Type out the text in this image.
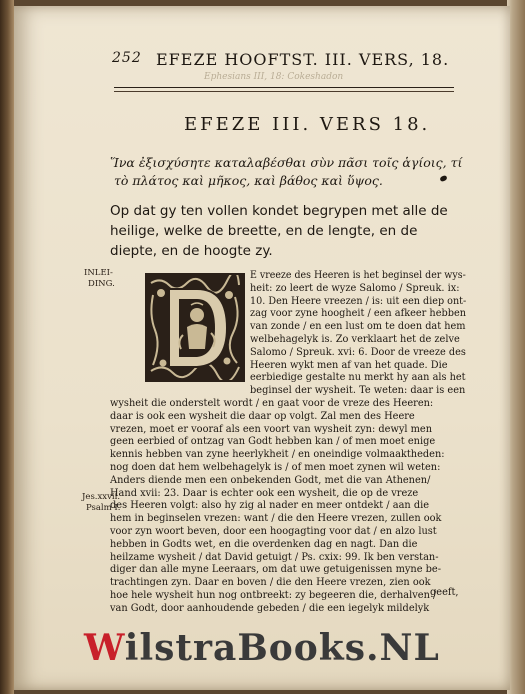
252 EFEZE HOOFTST. III. VERS, 18.
Ephesians III, 18: Cokeshadon
EFEZE III. VERS 18.
Ἵνα ἐξισχύσητε καταλαβέσθαι σὺν πᾶσι τοῖς ἁγίοις, τί
τὸ πλάτος καὶ μῆκος, καὶ βάθος καὶ ὕψος.
Op dat gy ten vollen kondet begrypen met alle de
heilige, welke de breette, en de lengte, en de
diepte, en de hoogte zy.
INLEI-
DING.
Jes.xxvii.
Psalm I.
E vreeze des Heeren is het beginsel der wys-
heit: zo leert de wyze Salomo / Spreuk. ix:
10. Den Heere vreezen / is: uit een diep ont-
zag voor zyne hoogheit / een afkeer hebben
van zonde / en een lust om te doen dat hem
welbehagelyk is. Zo verklaart het de zelve
Salomo / Spreuk. xvi: 6. Door de vreeze des
Heeren wykt men af van het quade. Die
eerbiedige gestalte nu merkt hy aan als het
beginsel der wysheit. Te weten: daar is een
wysheit die onderstelt wordt / en gaat voor de vreze des Heeren:
daar is ook een wysheit die daar op volgt. Zal men des Heere
vrezen, moet er vooraf als een voort van wysheit zyn: dewyl men
geen eerbied of ontzag van Godt hebben kan / of men moet enige
kennis hebben van zyne heerlykheit / en oneindige volmaaktheden:
nog doen dat hem welbehagelyk is / of men moet zynen wil weten:
Anders diende men een onbekenden Godt, met die van Athenen/
Hand xvii: 23. Daar is echter ook een wysheit, die op de vreze
des Heeren volgt: also hy zig al nader en meer ontdekt / aan die
hem in beginselen vrezen: want / die den Heere vrezen, zullen ook
voor zyn woort beven, door een hoogagting voor dat / en alzo lust
hebben in Godts wet, en die overdenken dag en nagt. Dan die
heilzame wysheit / dat David getuigt / Ps. cxix: 99. Ik ben verstan-
diger dan alle myne Leeraars, om dat uwe getuigenissen myne be-
trachtingen zyn. Daar en boven / die den Heere vrezen, zien ook
hoe hele wysheit hun nog ontbreekt: zy begeeren die, derhalven /
van Godt, door aanhoudende gebeden / die een iegelyk mildelyk
geeft,
WilstraBooks.NL
